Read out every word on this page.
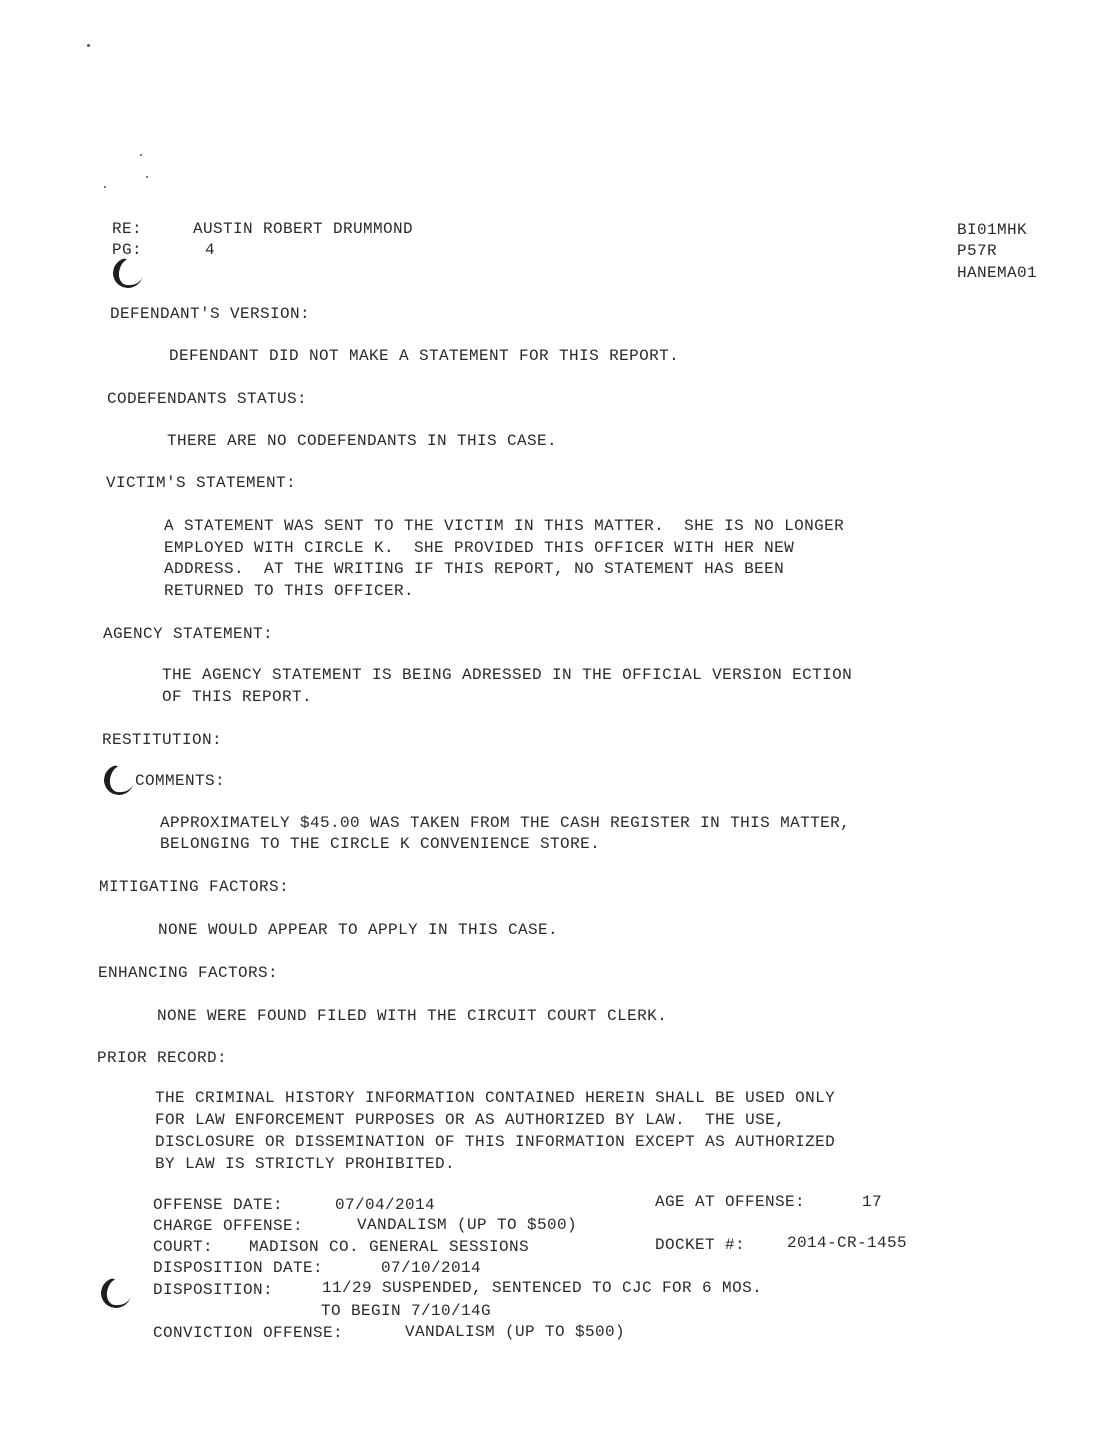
RE:	AUSTIN ROBERT DRUMMOND
PG:	4
BI01MHK
P57R
HANEMA01
DEFENDANT'S VERSION:
DEFENDANT DID NOT MAKE A STATEMENT FOR THIS REPORT.
CODEFENDANTS STATUS:
THERE ARE NO CODEFENDANTS IN THIS CASE.
VICTIM'S STATEMENT:
A STATEMENT WAS SENT TO THE VICTIM IN THIS MATTER.  SHE IS NO LONGER
EMPLOYED WITH CIRCLE K.  SHE PROVIDED THIS OFFICER WITH HER NEW
ADDRESS.  AT THE WRITING IF THIS REPORT, NO STATEMENT HAS BEEN
RETURNED TO THIS OFFICER.
AGENCY STATEMENT:
THE AGENCY STATEMENT IS BEING ADRESSED IN THE OFFICIAL VERSION ECTION
OF THIS REPORT.
RESTITUTION:
COMMENTS:
APPROXIMATELY $45.00 WAS TAKEN FROM THE CASH REGISTER IN THIS MATTER,
BELONGING TO THE CIRCLE K CONVENIENCE STORE.
MITIGATING FACTORS:
NONE WOULD APPEAR TO APPLY IN THIS CASE.
ENHANCING FACTORS:
NONE WERE FOUND FILED WITH THE CIRCUIT COURT CLERK.
PRIOR RECORD:
THE CRIMINAL HISTORY INFORMATION CONTAINED HEREIN SHALL BE USED ONLY
FOR LAW ENFORCEMENT PURPOSES OR AS AUTHORIZED BY LAW.  THE USE,
DISCLOSURE OR DISSEMINATION OF THIS INFORMATION EXCEPT AS AUTHORIZED
BY LAW IS STRICTLY PROHIBITED.
OFFENSE DATE:	07/04/2014	AGE AT OFFENSE:	17
CHARGE OFFENSE:	VANDALISM (UP TO $500)
COURT: MADISON CO. GENERAL SESSIONS	DOCKET #:	2014-CR-1455
DISPOSITION DATE:	07/10/2014
DISPOSITION:	11/29 SUSPENDED, SENTENCED TO CJC FOR 6 MOS.
TO BEGIN 7/10/14G
CONVICTION OFFENSE:	VANDALISM (UP TO $500)
